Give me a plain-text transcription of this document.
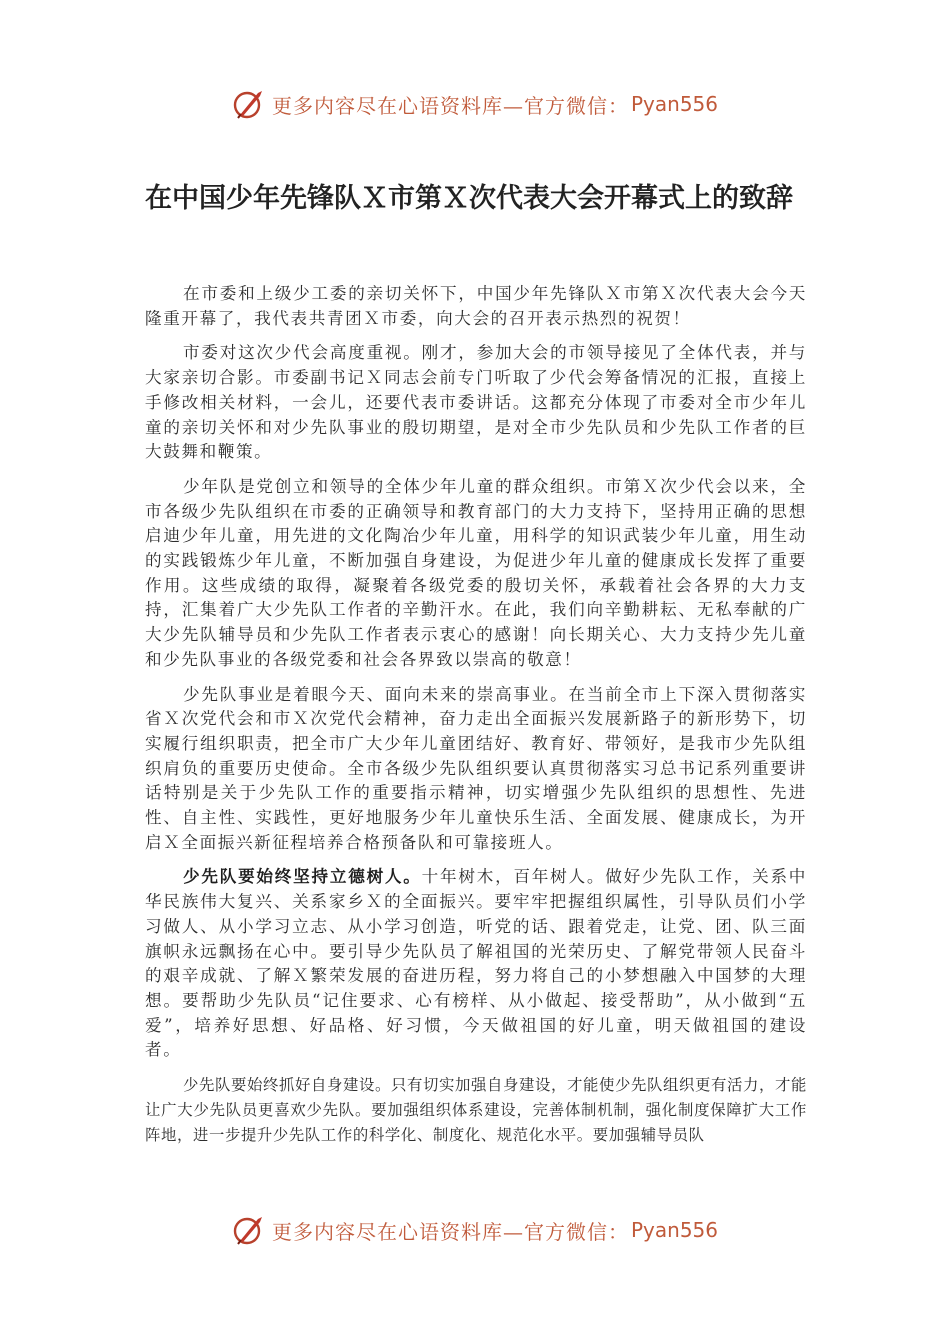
更多内容尽在心语资料库—官方微信： Pyan556
在中国少年先锋队Ｘ市第Ｘ次代表大会开幕式上的致辞

在市委和上级少工委的亲切关怀下，中国少年先锋队Ｘ市第Ｘ次代表大会今天隆重开幕了，我代表共青团Ｘ市委，向大会的召开表示热烈的祝贺！

市委对这次少代会高度重视。刚才，参加大会的市领导接见了全体代表，并与大家亲切合影。市委副书记Ｘ同志会前专门听取了少代会筹备情况的汇报，直接上手修改相关材料，一会儿，还要代表市委讲话。这都充分体现了市委对全市少年儿童的亲切关怀和对少先队事业的殷切期望，是对全市少先队员和少先队工作者的巨大鼓舞和鞭策。

少年队是党创立和领导的全体少年儿童的群众组织。市第Ｘ次少代会以来，全市各级少先队组织在市委的正确领导和教育部门的大力支持下，坚持用正确的思想启迪少年儿童，用先进的文化陶冶少年儿童，用科学的知识武装少年儿童，用生动的实践锻炼少年儿童，不断加强自身建设，为促进少年儿童的健康成长发挥了重要作用。这些成绩的取得，凝聚着各级党委的殷切关怀，承载着社会各界的大力支持，汇集着广大少先队工作者的辛勤汗水。在此，我们向辛勤耕耘、无私奉献的广大少先队辅导员和少先队工作者表示衷心的感谢！向长期关心、大力支持少先儿童和少先队事业的各级党委和社会各界致以崇高的敬意！

少先队事业是着眼今天、面向未来的崇高事业。在当前全市上下深入贯彻落实省Ｘ次党代会和市Ｘ次党代会精神，奋力走出全面振兴发展新路子的新形势下，切实履行组织职责，把全市广大少年儿童团结好、教育好、带领好，是我市少先队组织肩负的重要历史使命。全市各级少先队组织要认真贯彻落实习总书记系列重要讲话特别是关于少先队工作的重要指示精神，切实增强少先队组织的思想性、先进性、自主性、实践性，更好地服务少年儿童快乐生活、全面发展、健康成长，为开启Ｘ全面振兴新征程培养合格预备队和可靠接班人。

少先队要始终坚持立德树人。十年树木，百年树人。做好少先队工作，关系中华民族伟大复兴、关系家乡Ｘ的全面振兴。要牢牢把握组织属性，引导队员们小学习做人、从小学习立志、从小学习创造，听党的话、跟着党走，让党、团、队三面旗帜永远飘扬在心中。要引导少先队员了解祖国的光荣历史、了解党带领人民奋斗的艰辛成就、了解Ｘ繁荣发展的奋进历程，努力将自己的小梦想融入中国梦的大理想。要帮助少先队员“记住要求、心有榜样、从小做起、接受帮助”，从小做到“五爱”，培养好思想、好品格、好习惯，今天做祖国的好儿童，明天做祖国的建设者。

少先队要始终抓好自身建设。只有切实加强自身建设，才能使少先队组织更有活力，才能让广大少先队员更喜欢少先队。要加强组织体系建设，完善体制机制，强化制度保障扩大工作阵地，进一步提升少先队工作的科学化、制度化、规范化水平。要加强辅导员队

更多内容尽在心语资料库—官方微信： Pyan556
